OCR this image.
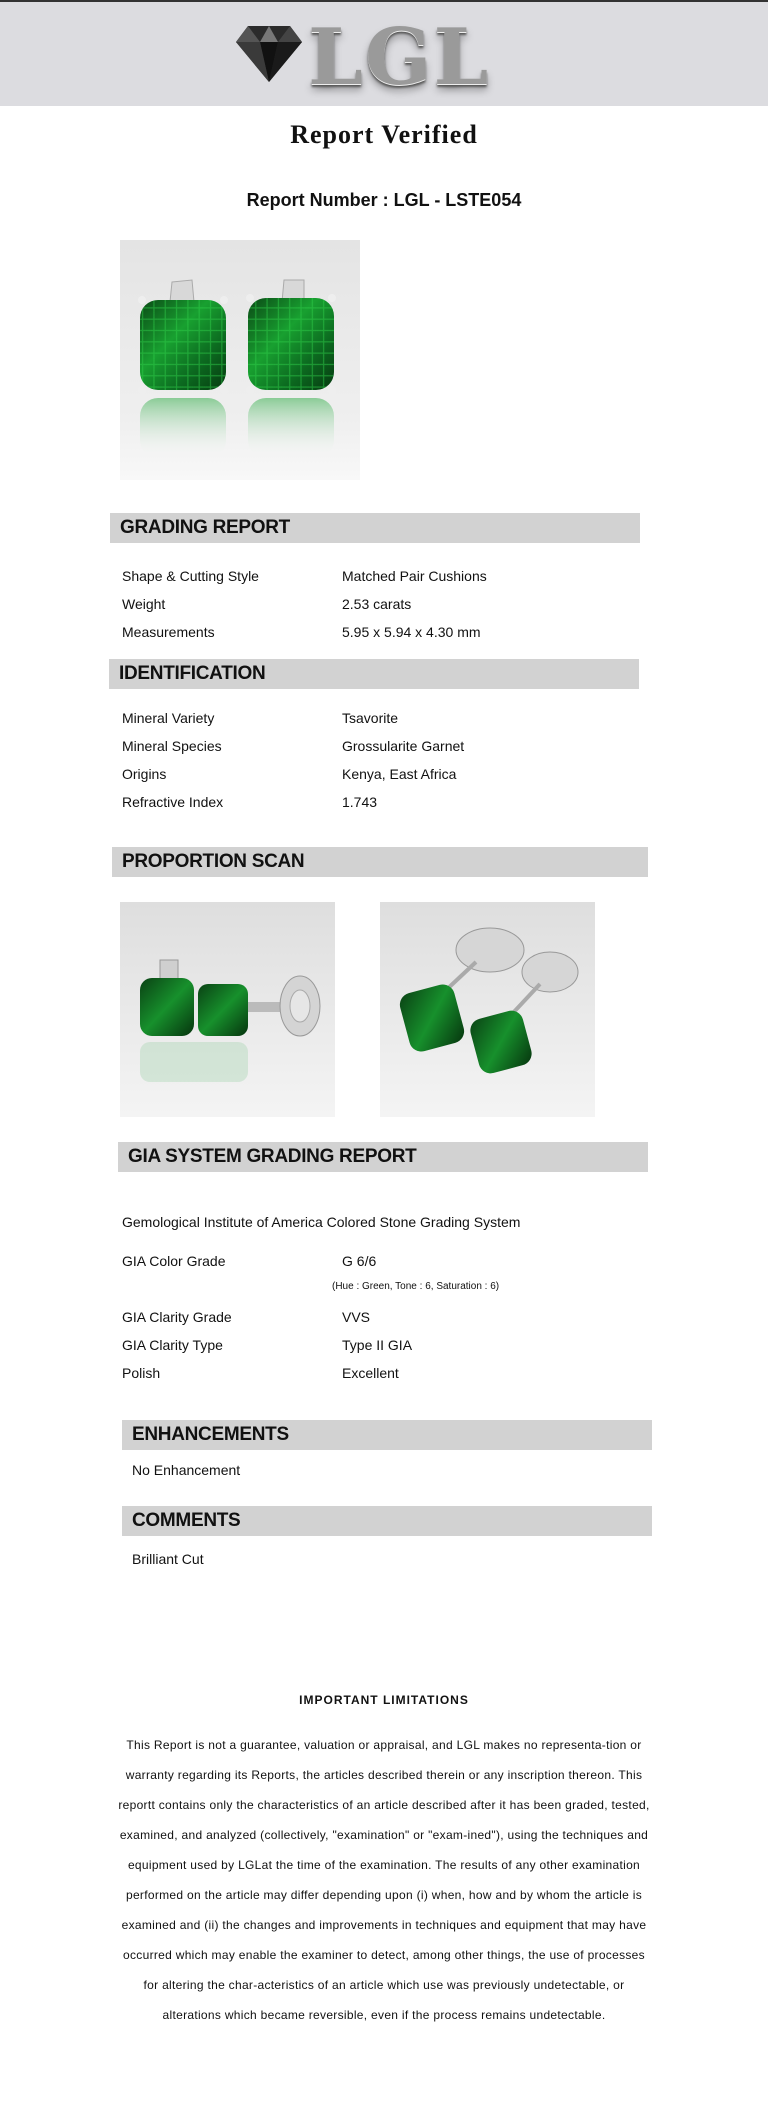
LGL
Report Verified
Report Number : LGL - LSTE054
GRADING REPORT
Shape & Cutting Style	Matched Pair Cushions
Weight	2.53 carats
Measurements	5.95 x 5.94 x 4.30 mm
IDENTIFICATION
Mineral Variety	Tsavorite
Mineral Species	Grossularite Garnet
Origins	Kenya, East Africa
Refractive Index	1.743
PROPORTION SCAN
GIA SYSTEM GRADING REPORT
Gemological Institute of America Colored Stone Grading System
GIA Color Grade	G 6/6
(Hue : Green, Tone : 6, Saturation : 6)
GIA Clarity Grade	VVS
GIA Clarity Type	Type II GIA
Polish	Excellent
ENHANCEMENTS
No Enhancement
COMMENTS
Brilliant Cut
IMPORTANT LIMITATIONS
This Report is not a guarantee, valuation or appraisal, and LGL makes no representa-tion or warranty regarding its Reports, the articles described therein or any inscription thereon. This reportt contains only the characteristics of an article described after it has been graded, tested, examined, and analyzed (collectively, "examination" or "exam-ined"), using the techniques and equipment used by LGLat the time of the examination. The results of any other examination performed on the article may differ depending upon (i) when, how and by whom the article is examined and (ii) the changes and improvements in techniques and equipment that may have occurred which may enable the examiner to detect, among other things, the use of processes for altering the char-acteristics of an article which use was previously undetectable, or alterations which became reversible, even if the process remains undetectable.
